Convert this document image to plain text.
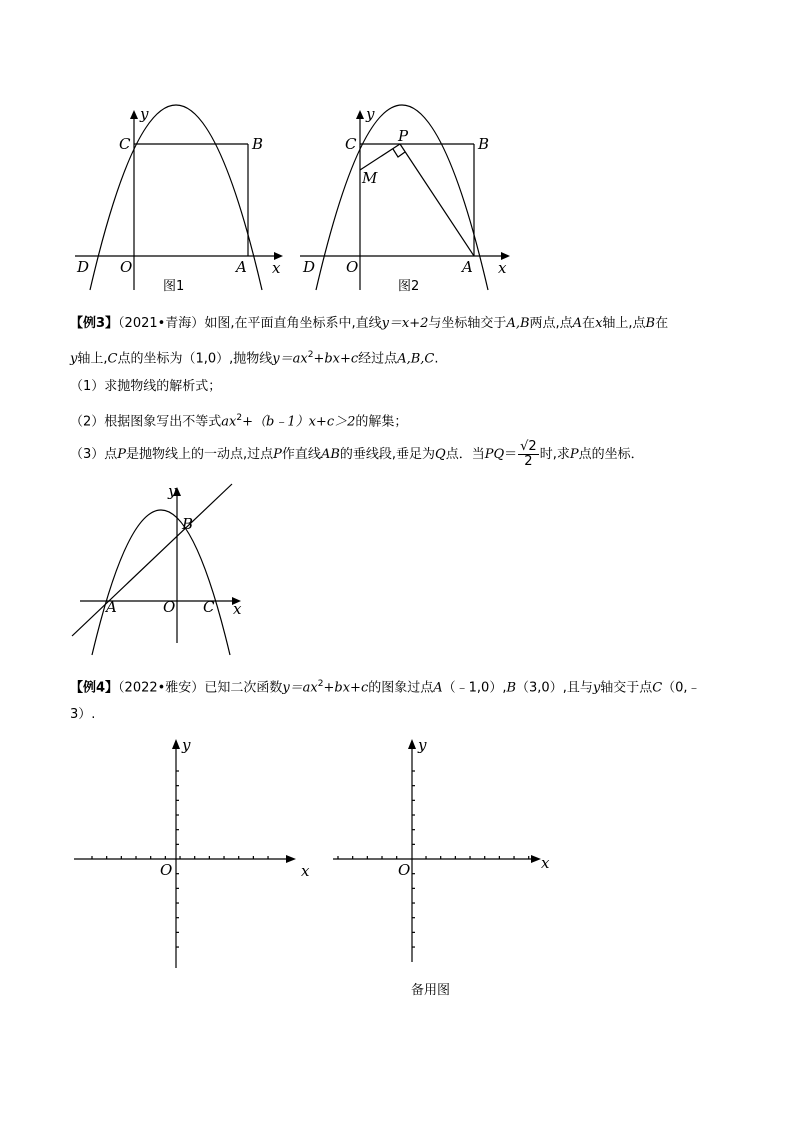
y
C	B
D O	A x
图1
y
C	P	B
M
D O	A x
图2
【例3】（2021•青海）如图,在平面直角坐标系中,直线y＝x+2与坐标轴交于A,B两点,点A在x轴上,点B在
y轴上,C点的坐标为（1,0）,抛物线$y=ax^2+bx+c$经过点A,B,C.
（1）求抛物线的解析式；
（2）根据图象写出不等式$ax^2+(b﹣1)x+c>2$的解集；
（3）点P是抛物线上的一动点,过点P作直线AB的垂线段,垂足为Q点．当$PQ= \frac{√2}{2}$ 时,求P点的坐标．
y
B
A	O C x
【例4】（2022•雅安）已知二次函数$y=ax^2+bx+c$的图象过点A（﹣1,0）,B（3,0）,且与y轴交于点C（0,﹣
3）.
y
O	x
y
O	x
备用图
